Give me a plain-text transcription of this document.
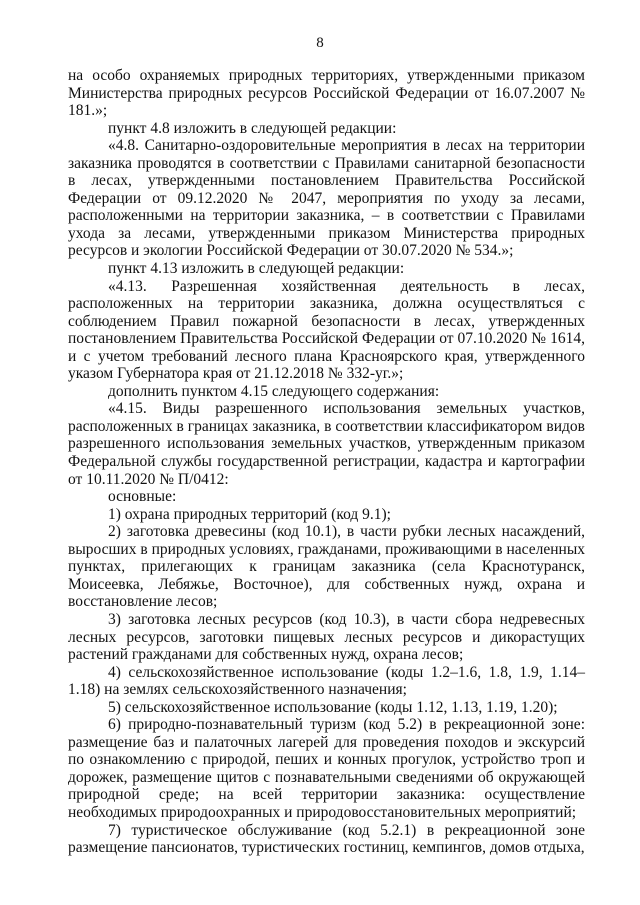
8

на особо охраняемых природных территориях, утвержденными приказом Министерства природных ресурсов Российской Федерации от 16.07.2007 № 181.»;

пункт 4.8 изложить в следующей редакции:

«4.8. Санитарно-оздоровительные мероприятия в лесах на территории заказника проводятся в соответствии с Правилами санитарной безопасности в лесах, утвержденными постановлением Правительства Российской Федерации от 09.12.2020 № 2047, мероприятия по уходу за лесами, расположенными на территории заказника, – в соответствии с Правилами ухода за лесами, утвержденными приказом Министерства природных ресурсов и экологии Российской Федерации от 30.07.2020 № 534.»;

пункт 4.13 изложить в следующей редакции:

«4.13. Разрешенная хозяйственная деятельность в лесах, расположенных на территории заказника, должна осуществляться с соблюдением Правил пожарной безопасности в лесах, утвержденных постановлением Правительства Российской Федерации от 07.10.2020 № 1614, и с учетом требований лесного плана Красноярского края, утвержденного указом Губернатора края от 21.12.2018 № 332-уг.»;

дополнить пунктом 4.15 следующего содержания:

«4.15. Виды разрешенного использования земельных участков, расположенных в границах заказника, в соответствии классификатором видов разрешенного использования земельных участков, утвержденным приказом Федеральной службы государственной регистрации, кадастра и картографии от 10.11.2020 № П/0412:

основные:

1) охрана природных территорий (код 9.1);

2) заготовка древесины (код 10.1), в части рубки лесных насаждений, выросших в природных условиях, гражданами, проживающими в населенных пунктах, прилегающих к границам заказника (села Краснотуранск, Моисеевка, Лебяжье, Восточное), для собственных нужд, охрана и восстановление лесов;

3) заготовка лесных ресурсов (код 10.3), в части сбора недревесных лесных ресурсов, заготовки пищевых лесных ресурсов и дикорастущих растений гражданами для собственных нужд, охрана лесов;

4) сельскохозяйственное использование (коды 1.2–1.6, 1.8, 1.9, 1.14–1.18) на землях сельскохозяйственного назначения;

5) сельскохозяйственное использование (коды 1.12, 1.13, 1.19, 1.20);

6) природно-познавательный туризм (код 5.2) в рекреационной зоне: размещение баз и палаточных лагерей для проведения походов и экскурсий по ознакомлению с природой, пеших и конных прогулок, устройство троп и дорожек, размещение щитов с познавательными сведениями об окружающей природной среде; на всей территории заказника: осуществление необходимых природоохранных и природовосстановительных мероприятий;

7) туристическое обслуживание (код 5.2.1) в рекреационной зоне размещение пансионатов, туристических гостиниц, кемпингов, домов отдыха,
